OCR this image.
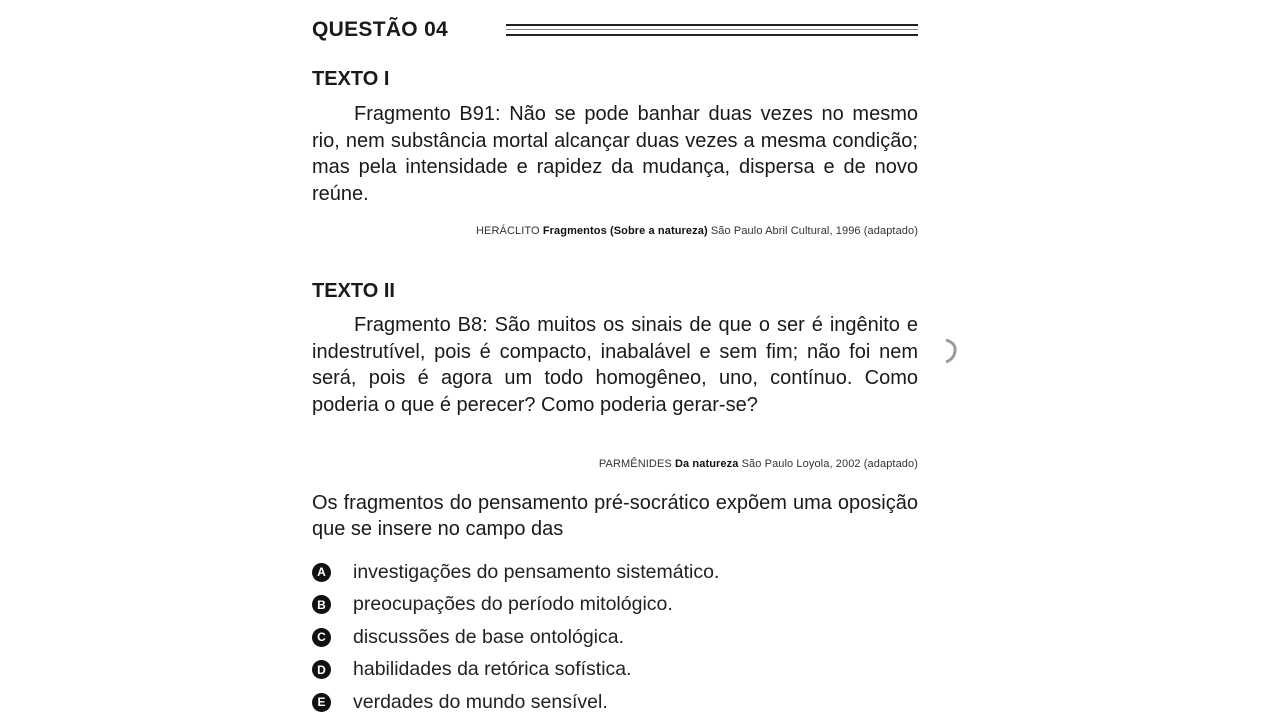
QUESTÃO 04
TEXTO I

Fragmento B91: Não se pode banhar duas vezes no mesmo rio, nem substância mortal alcançar duas vezes a mesma condição; mas pela intensidade e rapidez da mudança, dispersa e de novo reúne.

HERÁCLITO Fragmentos (Sobre a natureza) São Paulo Abril Cultural, 1996 (adaptado)
TEXTO II

Fragmento B8: São muitos os sinais de que o ser é ingênito e indestrutível, pois é compacto, inabalável e sem fim; não foi nem será, pois é agora um todo homogêneo, uno, contínuo. Como poderia o que é perecer? Como poderia gerar-se?

PARMÊNIDES Da natureza São Paulo Loyola, 2002 (adaptado)

Os fragmentos do pensamento pré-socrático expõem uma oposição que se insere no campo das

A investigações do pensamento sistemático.
B preocupações do período mitológico.
C discussões de base ontológica.
D habilidades da retórica sofística.
E verdades do mundo sensível.
